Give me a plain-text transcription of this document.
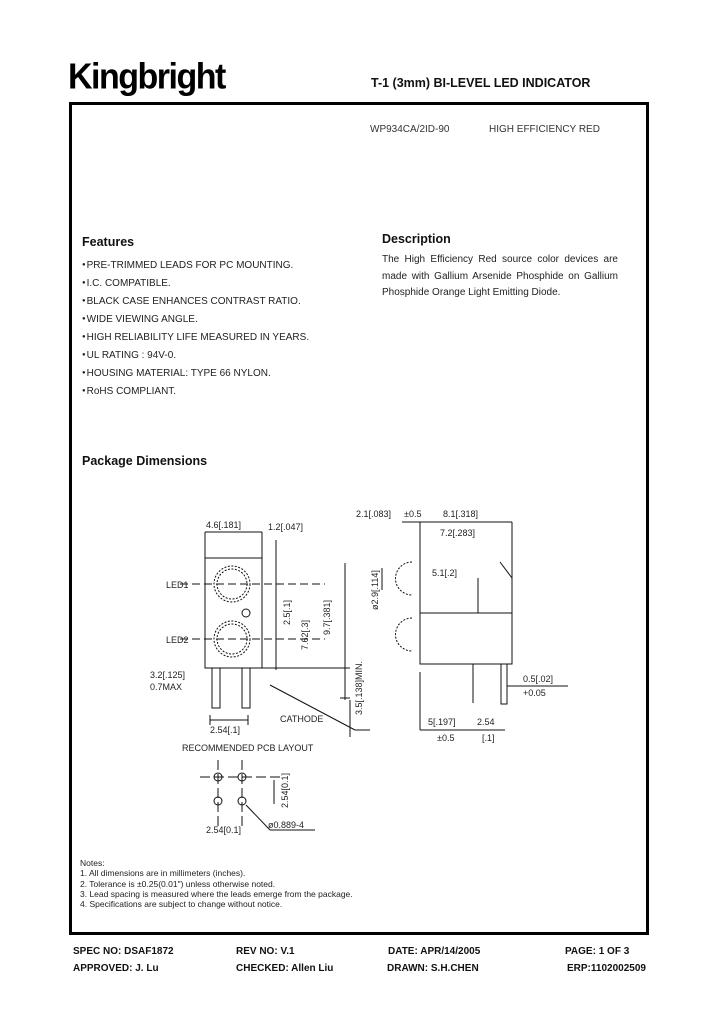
Kingbright	T-1 (3mm) BI-LEVEL LED INDICATOR
WP934CA/2ID-90	HIGH EFFICIENCY RED
Features
● PRE-TRIMMED LEADS FOR PC MOUNTING.
● I.C. COMPATIBLE.
● BLACK CASE ENHANCES CONTRAST RATIO.
● WIDE VIEWING ANGLE.
● HIGH RELIABILITY LIFE MEASURED IN YEARS.
● UL RATING : 94V-0.
● HOUSING MATERIAL: TYPE 66 NYLON.
● RoHS COMPLIANT.
Description
The High Efficiency Red source color devices are made with Gallium Arsenide Phosphide on Gallium Phosphide Orange Light Emitting Diode.
Package Dimensions
4.6[.181]	1.2[.047]
LED1
LED2
3.2[.125]
0.7MAX
2.54[.1]
CATHODE
2.5[.1]
7.62[.3] 9.7[.381]
3.5[.138]MIN.
2.1[.083] ±0.5 8.1[.318]
7.2[.283]
5.1[.2]
ø2.9[.114]
0.5[.02]
+0.05
5[.197] 2.54
±0.5	[.1]
RECOMMENDED PCB LAYOUT
2.54[0.1]
2.54[0.1]	ø0.889-4
Notes:
1. All dimensions are in millimeters (inches).
2. Tolerance is ±0.25(0.01") unless otherwise noted.
3. Lead spacing is measured where the leads emerge from the package.
4. Specifications are subject to change without notice.
SPEC NO: DSAF1872	REV NO: V.1	DATE: APR/14/2005	PAGE: 1 OF 3
APPROVED: J. Lu	CHECKED: Allen Liu	DRAWN: S.H.CHEN	ERP:1102002509
